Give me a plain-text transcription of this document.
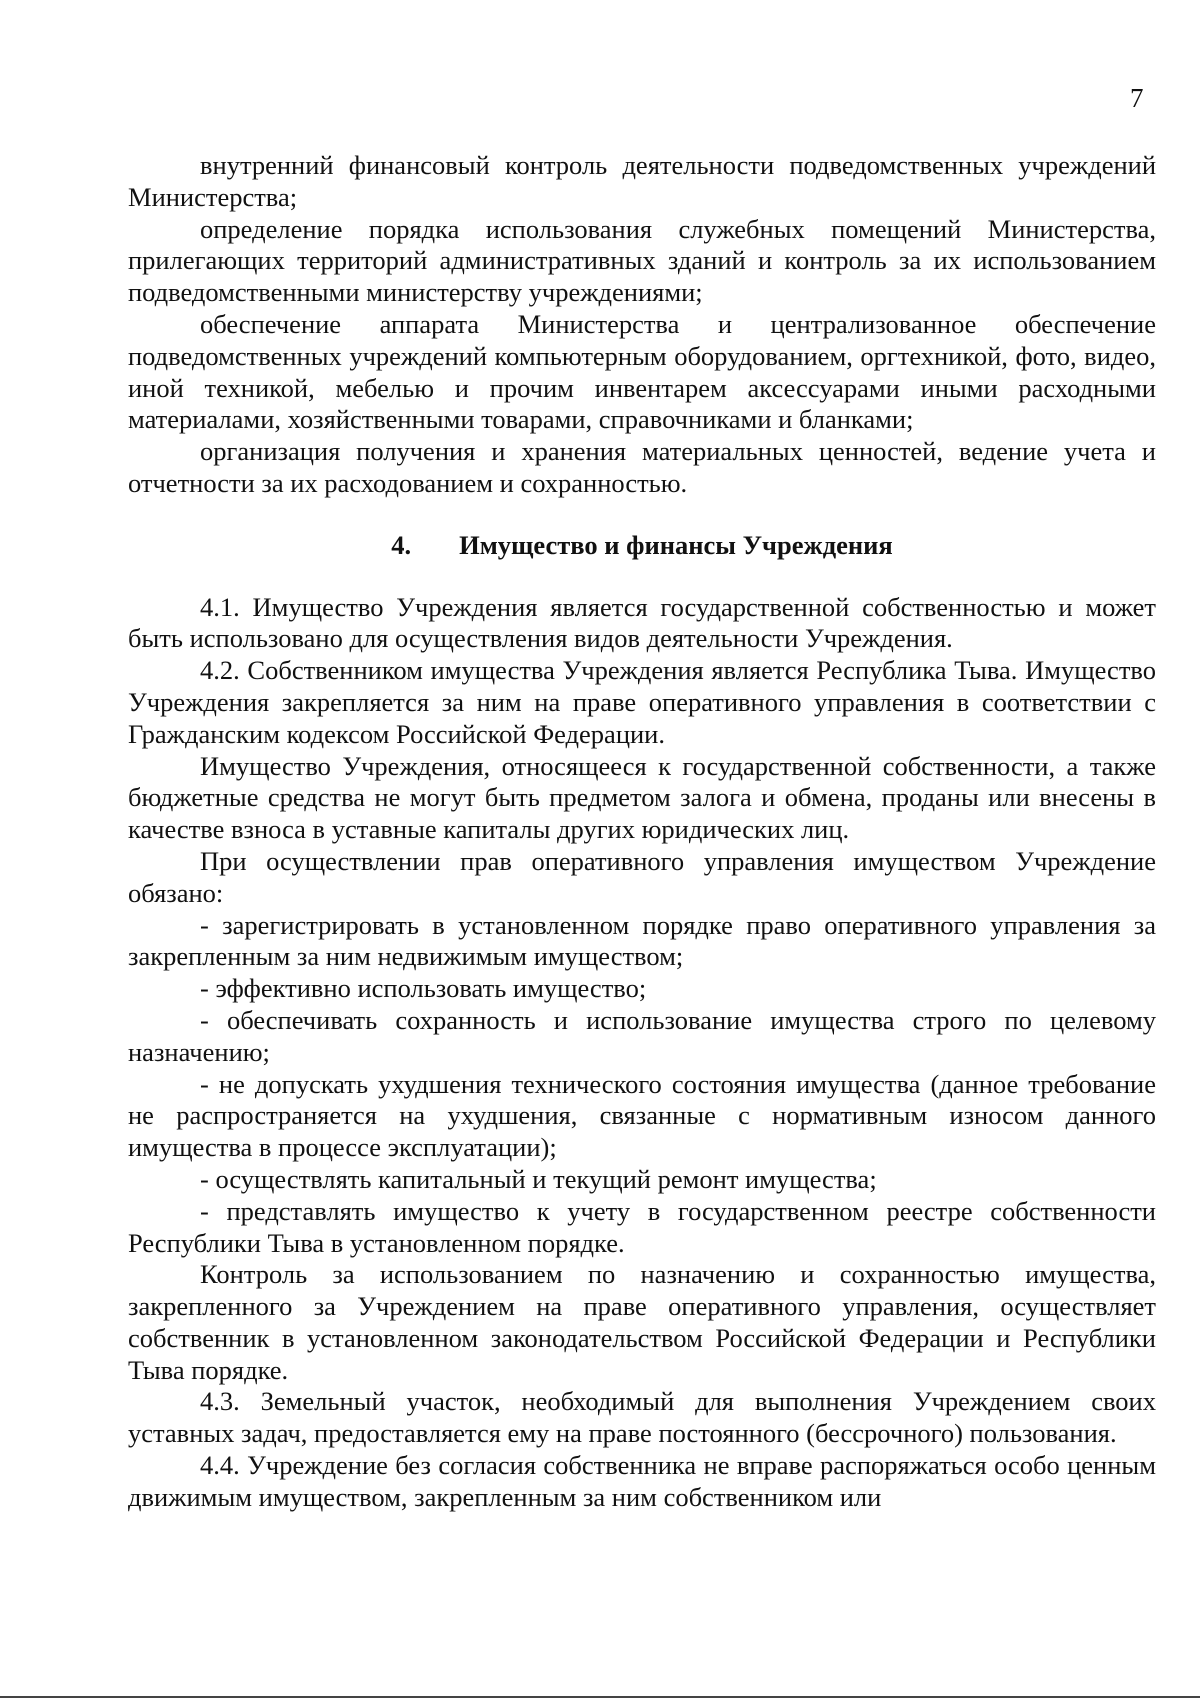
7

внутренний финансовый контроль деятельности подведомственных учреждений Министерства;

определение порядка использования служебных помещений Министерства, прилегающих территорий административных зданий и контроль за их использованием подведомственными министерству учреждениями;

обеспечение аппарата Министерства и централизованное обеспечение подведомственных учреждений компьютерным оборудованием, оргтехникой, фото, видео, иной техникой, мебелью и прочим инвентарем аксессуарами иными расходными материалами, хозяйственными товарами, справочниками и бланками;

организация получения и хранения материальных ценностей, ведение учета и отчетности за их расходованием и сохранностью.

4. Имущество и финансы Учреждения

4.1. Имущество Учреждения является государственной собственностью и может быть использовано для осуществления видов деятельности Учреждения.

4.2. Собственником имущества Учреждения является Республика Тыва. Имущество Учреждения закрепляется за ним на праве оперативного управления в соответствии с Гражданским кодексом Российской Федерации.

Имущество Учреждения, относящееся к государственной собственности, а также бюджетные средства не могут быть предметом залога и обмена, проданы или внесены в качестве взноса в уставные капиталы других юридических лиц.

При осуществлении прав оперативного управления имуществом Учреждение обязано:

- зарегистрировать в установленном порядке право оперативного управления за закрепленным за ним недвижимым имуществом;

- эффективно использовать имущество;

- обеспечивать сохранность и использование имущества строго по целевому назначению;

- не допускать ухудшения технического состояния имущества (данное требование не распространяется на ухудшения, связанные с нормативным износом данного имущества в процессе эксплуатации);

- осуществлять капитальный и текущий ремонт имущества;

- представлять имущество к учету в государственном реестре собственности Республики Тыва в установленном порядке.

Контроль за использованием по назначению и сохранностью имущества, закрепленного за Учреждением на праве оперативного управления, осуществляет собственник в установленном законодательством Российской Федерации и Республики Тыва порядке.

4.3. Земельный участок, необходимый для выполнения Учреждением своих уставных задач, предоставляется ему на праве постоянного (бессрочного) пользования.

4.4. Учреждение без согласия собственника не вправе распоряжаться особо ценным движимым имуществом, закрепленным за ним собственником или
